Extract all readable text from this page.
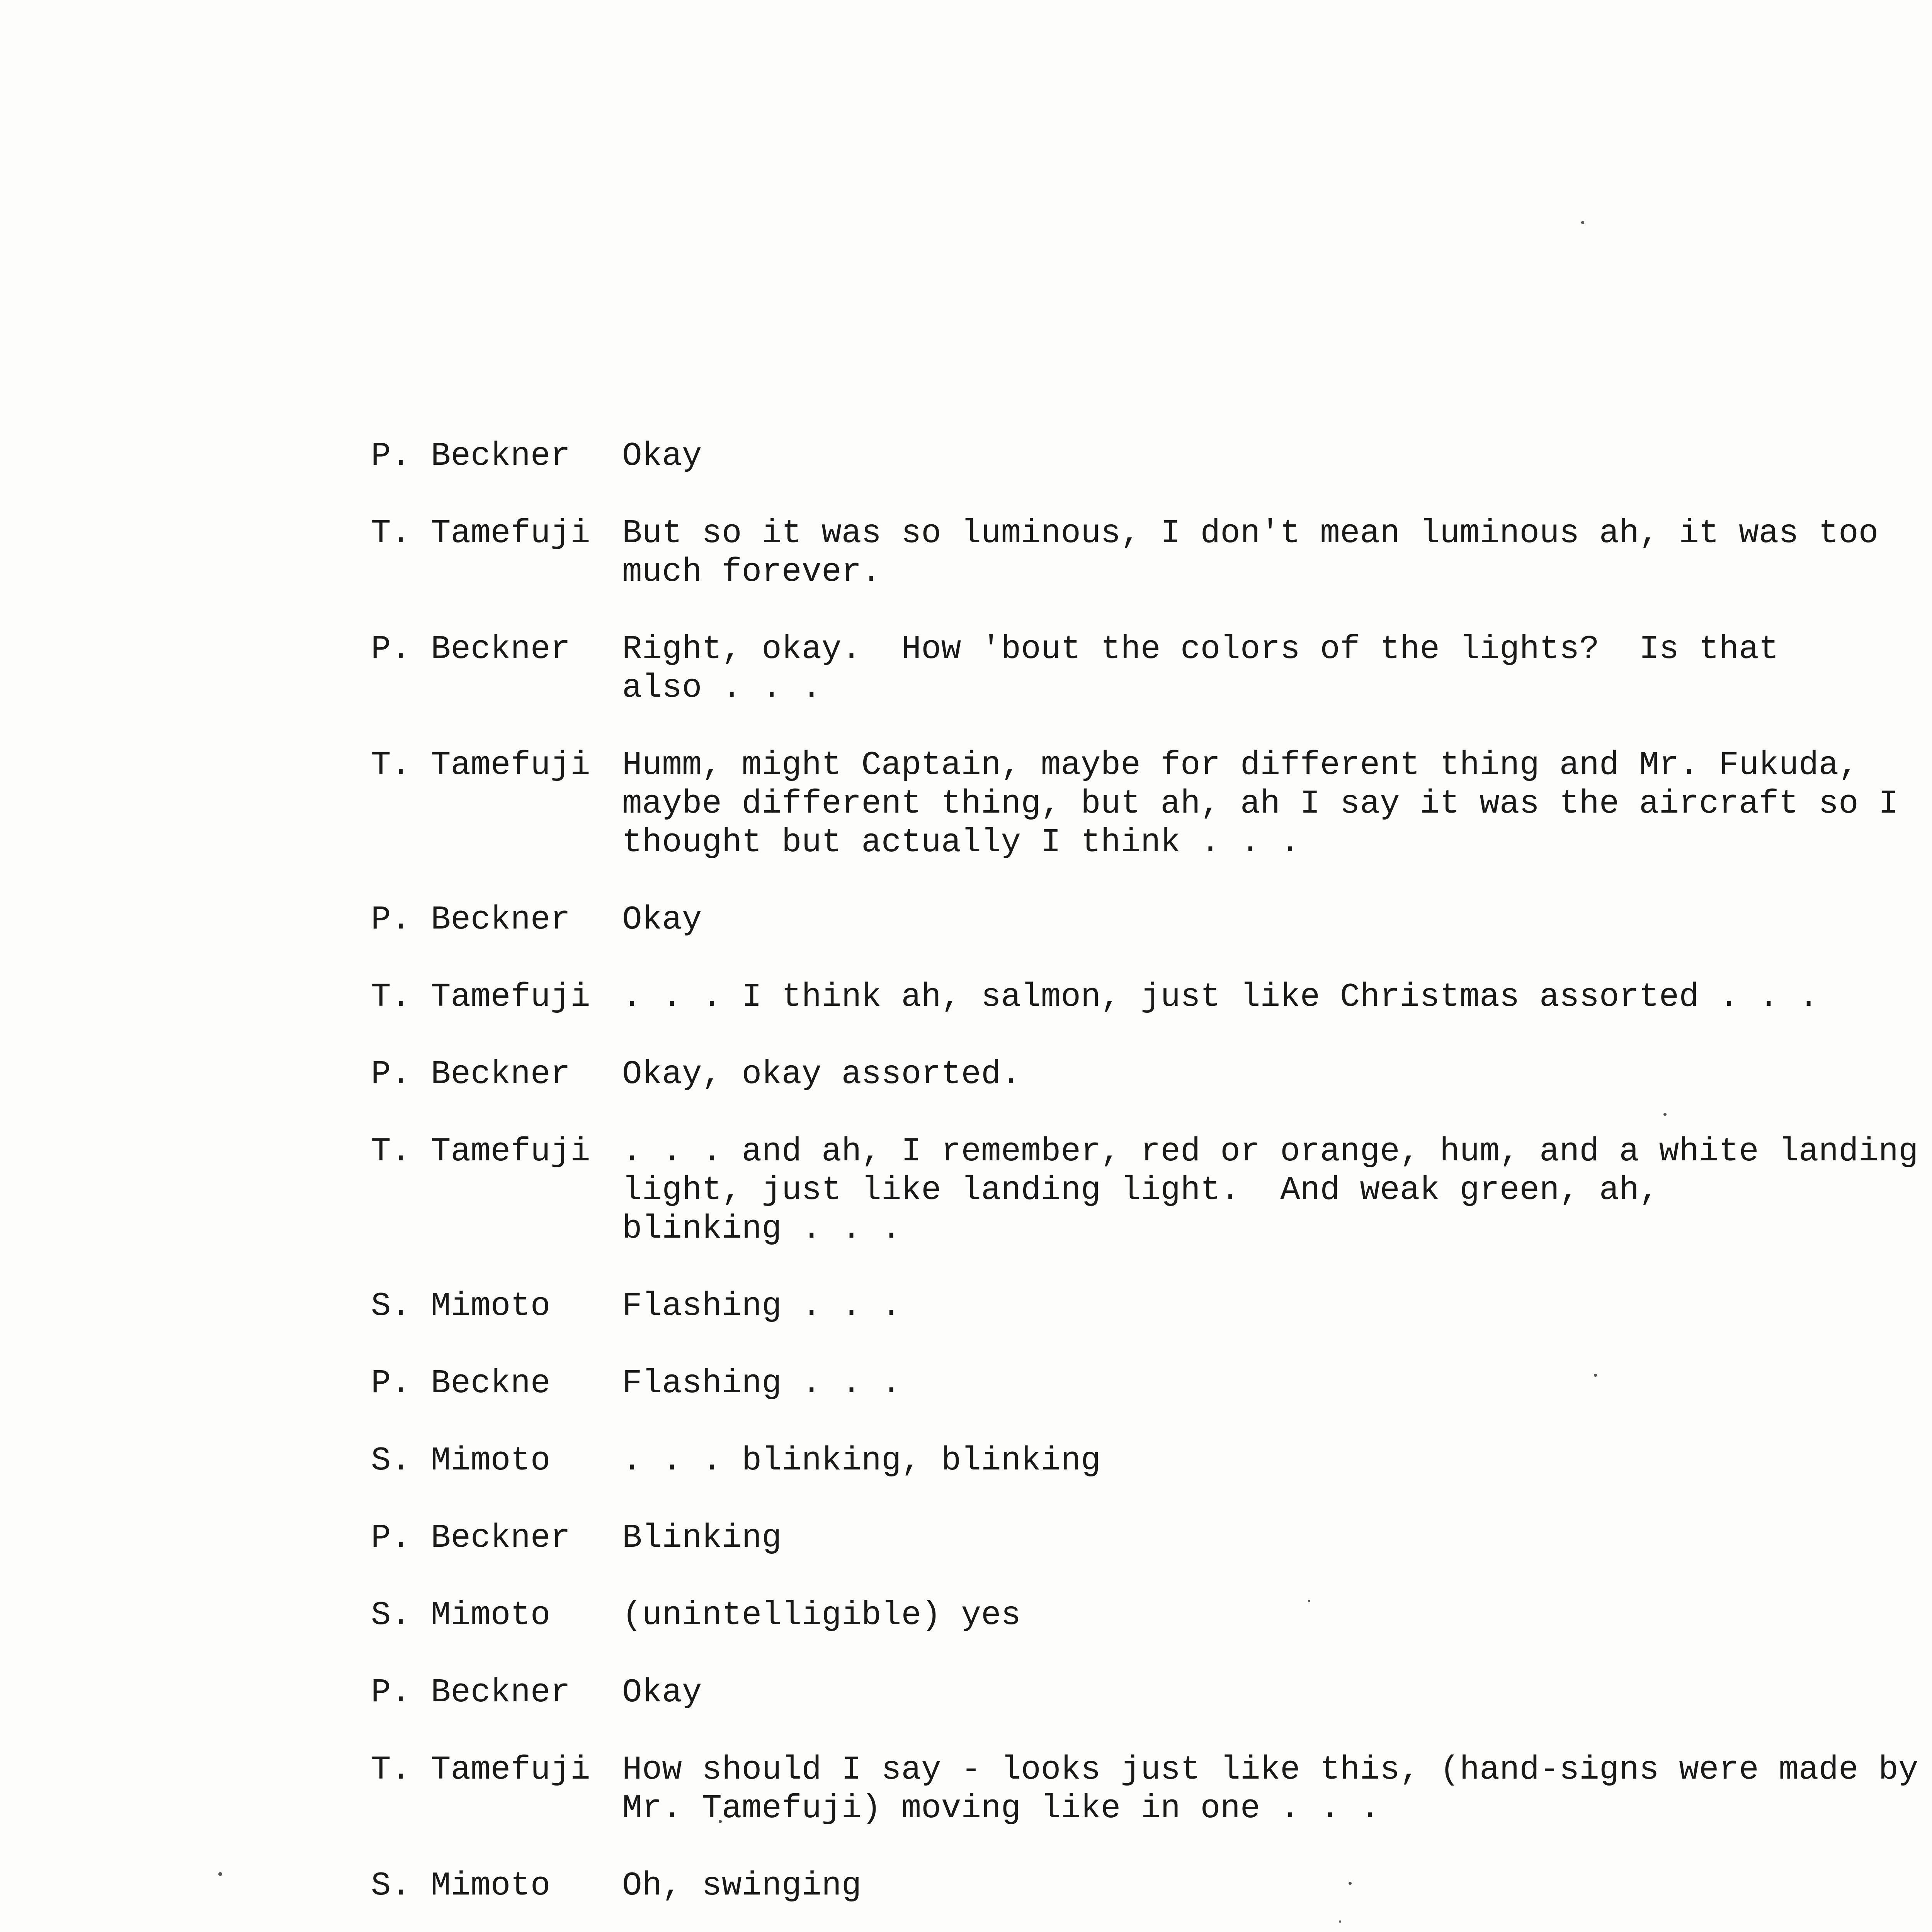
P. Beckner	Okay
T. Tamefuji But so it was so luminous, I don't mean luminous ah, it was too
much forever.
P. Beckner	Right, okay.  How 'bout the colors of the lights?  Is that
also . . .
T. Tamefuji Humm, might Captain, maybe for different thing and Mr. Fukuda,
maybe different thing, but ah, ah I say it was the aircraft so I
thought but actually I think . . .
P. Beckner	Okay
T. Tamefuji . . . I think ah, salmon, just like Christmas assorted . . .
P. Beckner	Okay, okay assorted.
T. Tamefuji . . . and ah, I remember, red or orange, hum, and a white landing
light, just like landing light.  And weak green, ah,
blinking . . .
S. Mimoto	Flashing . . .
P. Beckne	Flashing . . .
S. Mimoto	. . . blinking, blinking
P. Beckner	Blinking
S. Mimoto	(unintelligible) yes
P. Beckner	Okay
T. Tamefuji How should I say - looks just like this, (hand-signs were made by
Mr. Tamefuji) moving like in one . . .
S. Mimoto	Oh, swinging
